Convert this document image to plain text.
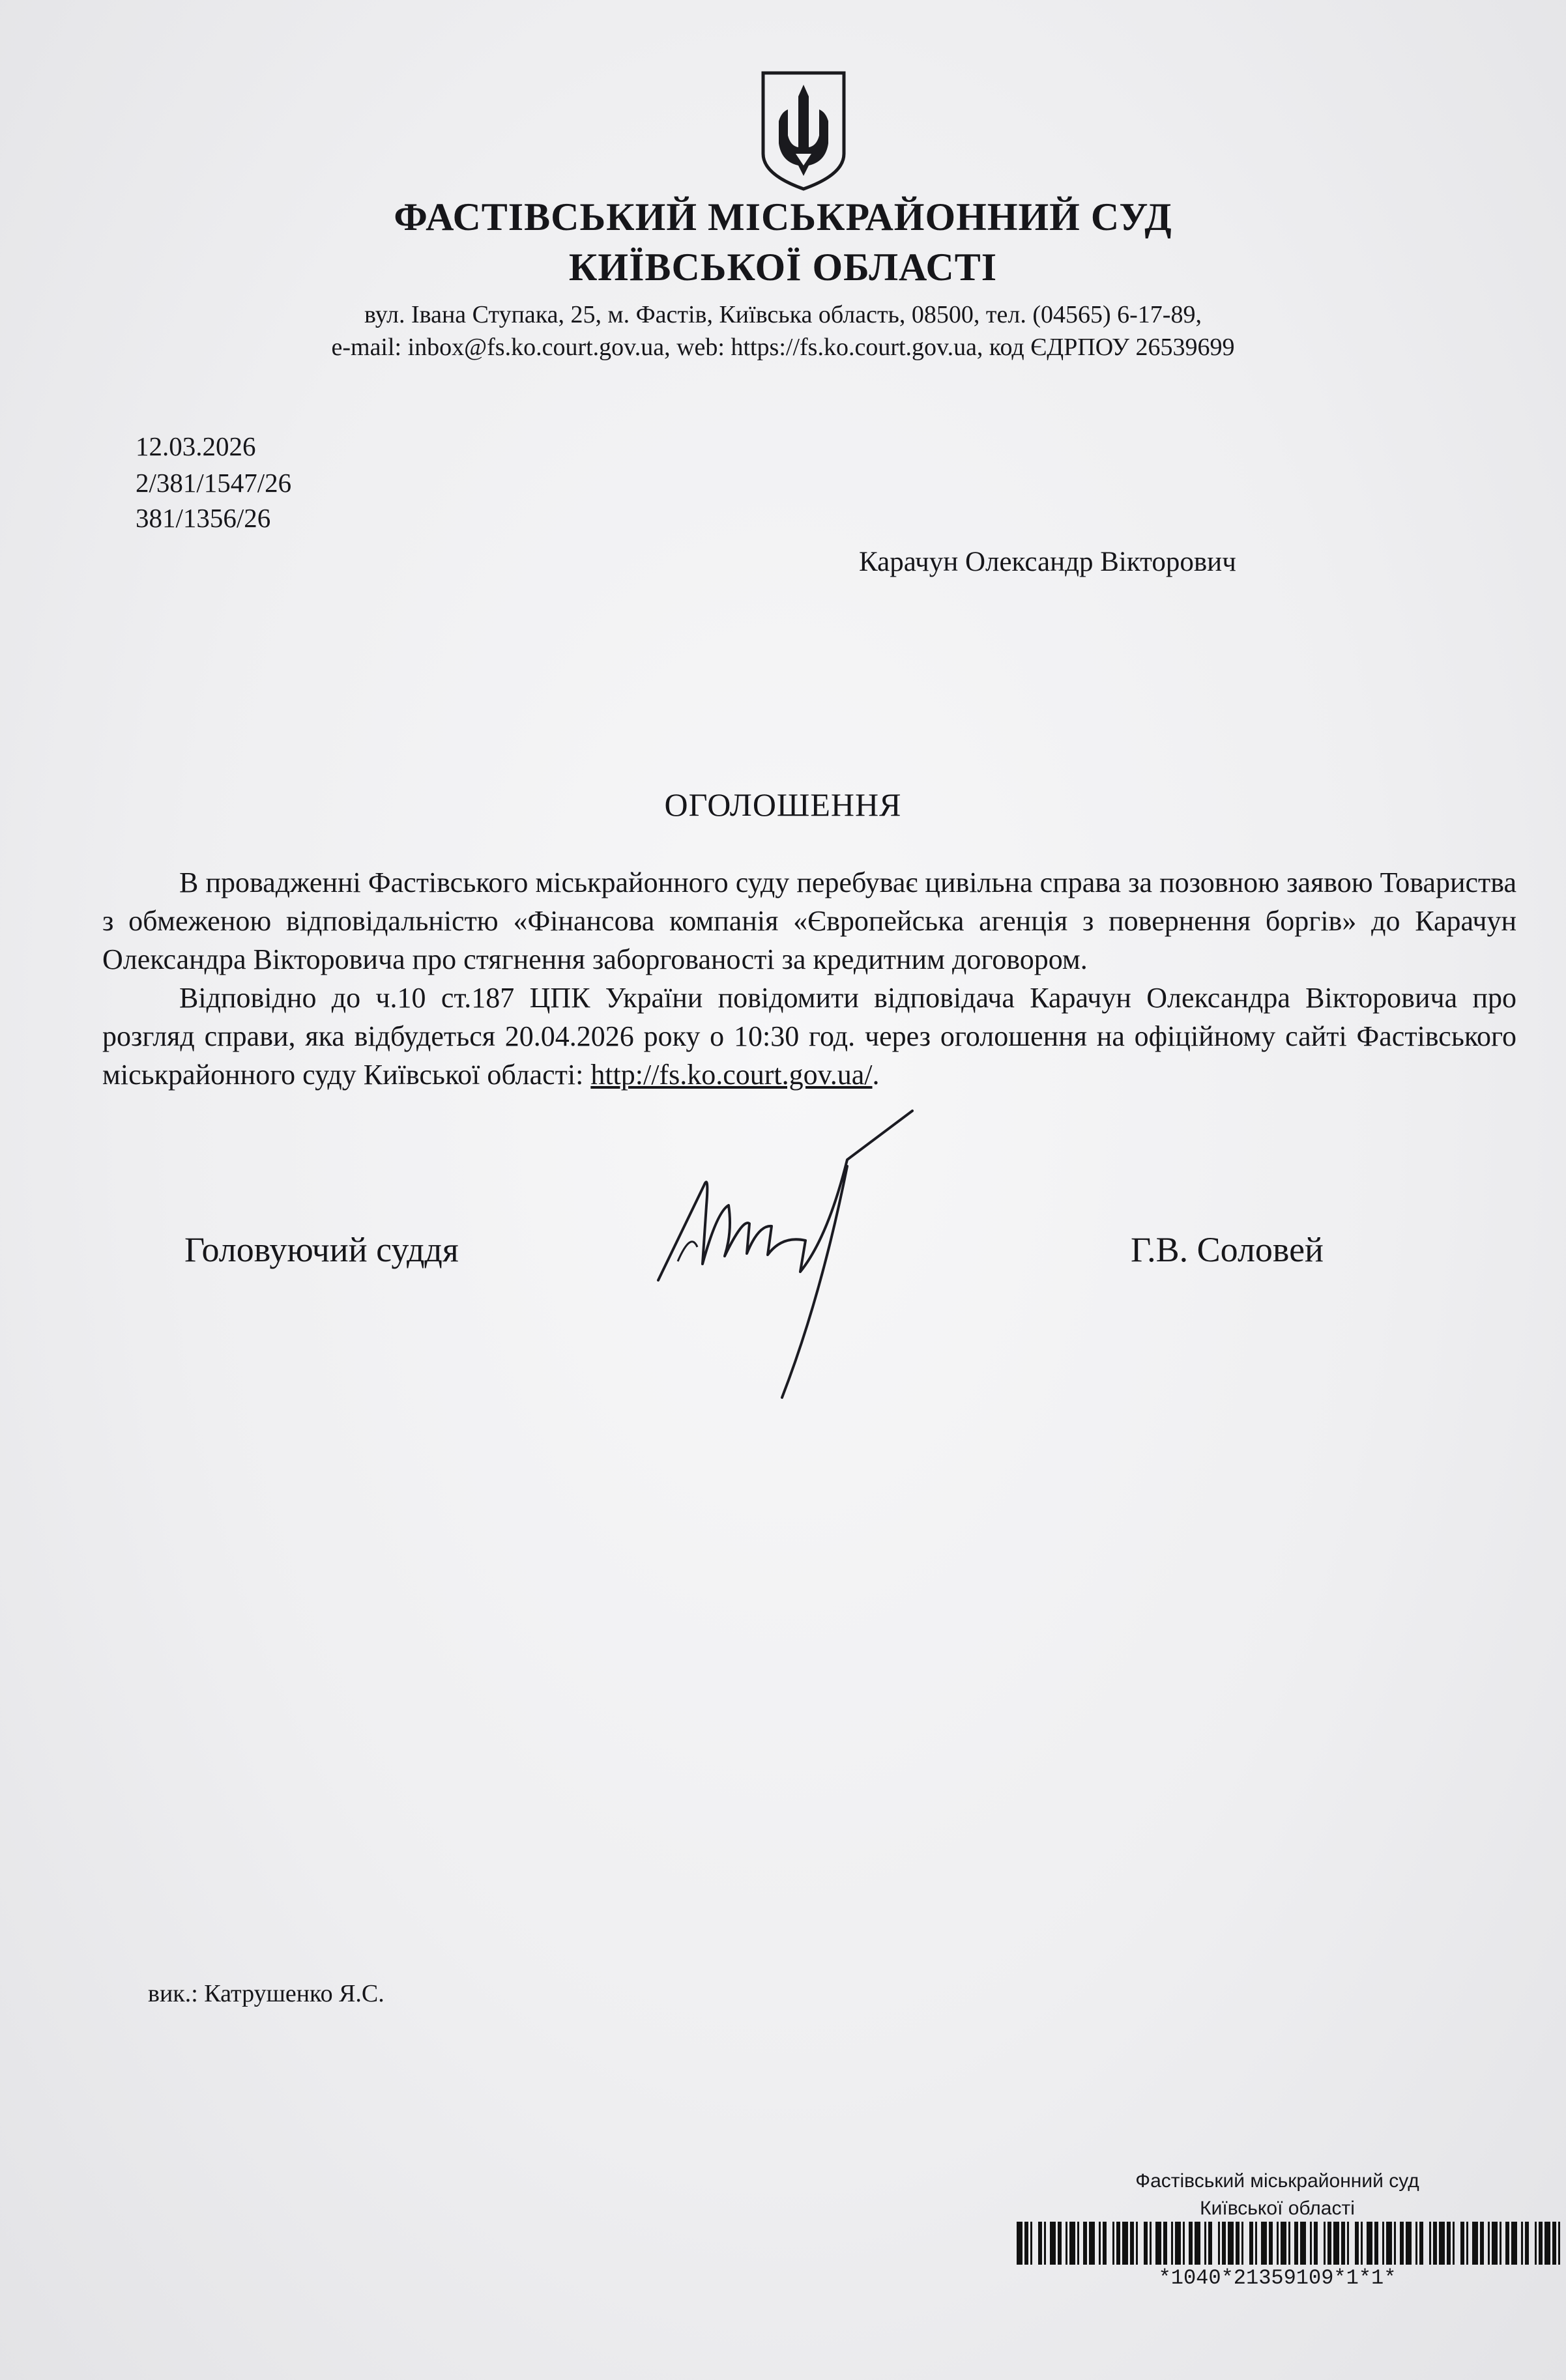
ФАСТІВСЬКИЙ МІСЬКРАЙОННИЙ СУД
КИЇВСЬКОЇ ОБЛАСТІ
вул. Івана Ступака, 25, м. Фастів, Київська область, 08500, тел. (04565) 6-17-89,
e-mail: inbox@fs.ko.court.gov.ua, web: https://fs.ko.court.gov.ua, код ЄДРПОУ 26539699
12.03.2026
2/381/1547/26
381/1356/26
Карачун Олександр Вікторович
ОГОЛОШЕННЯ

В провадженні Фастівського міськрайонного суду перебуває цивільна справа за позовною заявою Товариства з обмеженою відповідальністю «Фінансова компанія «Європейська агенція з повернення боргів» до Карачун Олександра Вікторовича про стягнення заборгованості за кредитним договором.

Відповідно до ч.10 ст.187 ЦПК України повідомити відповідача Карачун Олександра Вікторовича про розгляд справи, яка відбудеться 20.04.2026 року о 10:30 год. через оголошення на офіційному сайті Фастівського міськрайонного суду Київської області: http://fs.ko.court.gov.ua/.

Головуючий суддя	Г.В. Соловей
вик.: Катрушенко Я.С.
Фастівський міськрайонний суд
Київської області
*1040*21359109*1*1*
